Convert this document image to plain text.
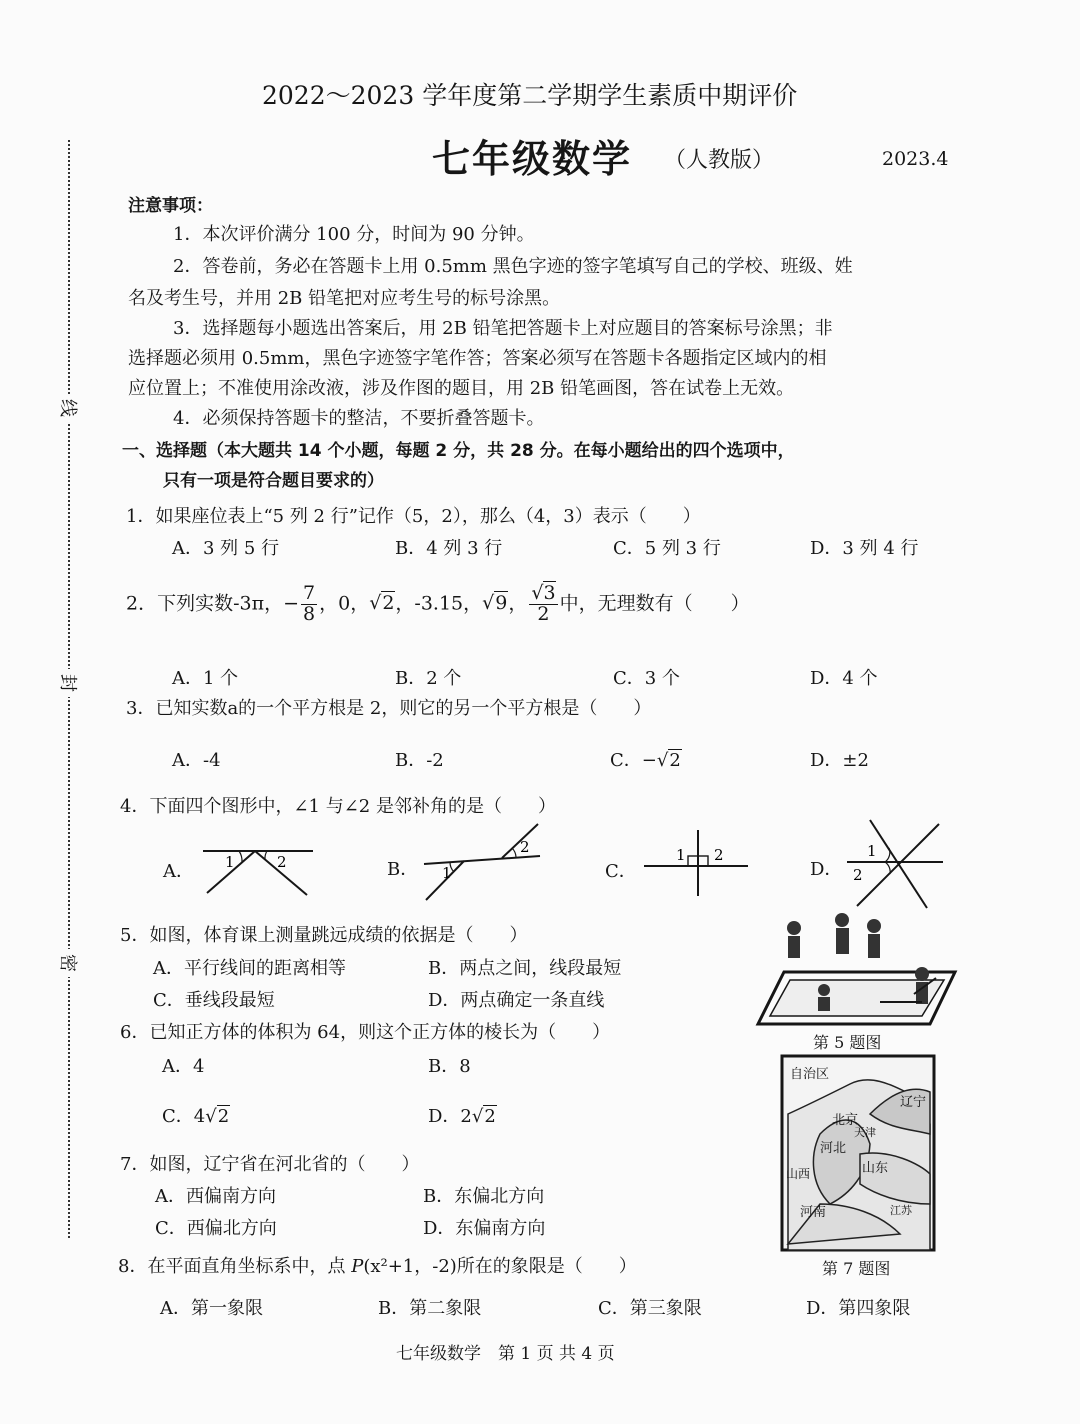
线
封
密
2022～2023 学年度第二学期学生素质中期评价
七年级数学 （人教版）	2023.4
注意事项：
1．本次评价满分 100 分，时间为 90 分钟。
2．答卷前，务必在答题卡上用 0.5mm 黑色字迹的签字笔填写自己的学校、班级、姓
名及考生号，并用 2B 铅笔把对应考生号的标号涂黑。
3．选择题每小题选出答案后，用 2B 铅笔把答题卡上对应题目的答案标号涂黑；非
选择题必须用 0.5mm，黑色字迹签字笔作答；答案必须写在答题卡各题指定区域内的相
应位置上；不准使用涂改液，涉及作图的题目，用 2B 铅笔画图，答在试卷上无效。
4．必须保持答题卡的整洁，不要折叠答题卡。
一、选择题（本大题共 14 个小题，每题 2 分，共 28 分。在每小题给出的四个选项中，
只有一项是符合题目要求的）
1．如果座位表上“5 列 2 行”记作（5，2），那么（4，3）表示（　　）
A．3 列 5 行	B．4 列 3 行	C．5 列 3 行	D．3 列 4 行
2．下列实数-3π，− $\frac{7}{8}$ ，0，√2，-3.15，√9， $\frac{√3}{2}$ 中，无理数有（　　）
A．1 个	B．2 个	C．3 个	D．4 个
3．已知实数a的一个平方根是 2，则它的另一个平方根是（　　）
A．-4	B．-2	C．−√2	D．±2
4．下面四个图形中，∠1 与∠2 是邻补角的是（　　）
A．	B．	C．	D．
1	2
2
1
1 2	1
2
5．如图，体育课上测量跳远成绩的依据是（　　）
A．平行线间的距离相等	B．两点之间，线段最短
C．垂线段最短	D．两点确定一条直线
第 5 题图
6．已知正方体的体积为 64，则这个正方体的棱长为（　　）
A．4	B．8
C．4√2	D．2√2
自治区
辽宁
北京
天津
河北
山西	山东
河南	江苏
第 7 题图
7．如图，辽宁省在河北省的（　　）
A．西偏南方向	B．东偏北方向
C．西偏北方向	D．东偏南方向
8．在平面直角坐标系中，点 P(x²+1，-2)所在的象限是（　　）
A．第一象限	B．第二象限	C．第三象限	D．第四象限
七年级数学　第 1 页 共 4 页
